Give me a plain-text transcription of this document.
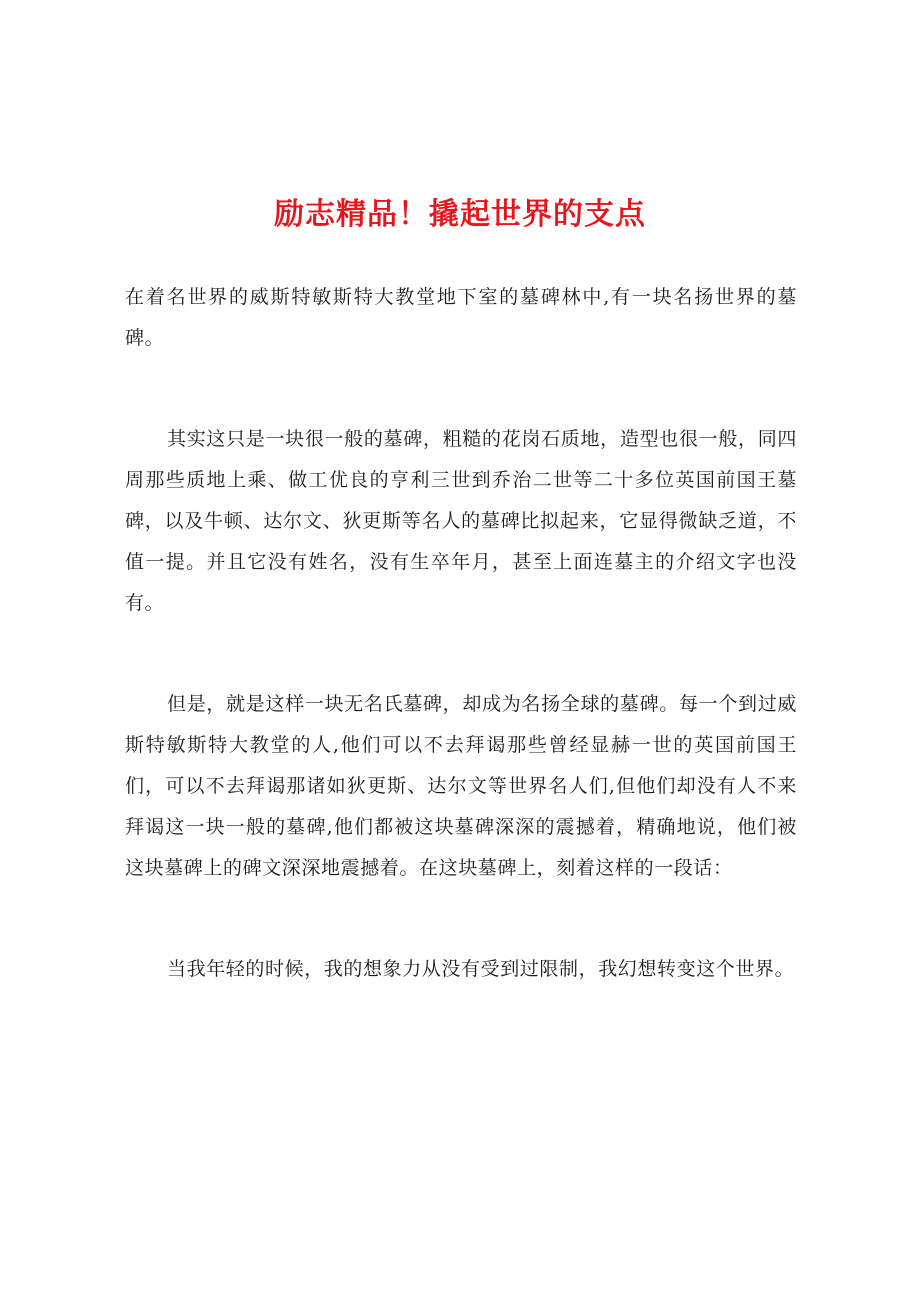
励志精品！撬起世界的支点

在着名世界的威斯特敏斯特大教堂地下室的墓碑林中,有一块名扬世界的墓碑。

其实这只是一块很一般的墓碑，粗糙的花岗石质地，造型也很一般，同四周那些质地上乘、做工优良的亨利三世到乔治二世等二十多位英国前国王墓碑，以及牛顿、达尔文、狄更斯等名人的墓碑比拟起来，它显得微缺乏道，不值一提。并且它没有姓名，没有生卒年月，甚至上面连墓主的介绍文字也没有。

但是，就是这样一块无名氏墓碑，却成为名扬全球的墓碑。每一个到过威斯特敏斯特大教堂的人,他们可以不去拜谒那些曾经显赫一世的英国前国王们，可以不去拜谒那诸如狄更斯、达尔文等世界名人们,但他们却没有人不来拜谒这一块一般的墓碑,他们都被这块墓碑深深的震撼着，精确地说，他们被这块墓碑上的碑文深深地震撼着。在这块墓碑上，刻着这样的一段话：

当我年轻的时候，我的想象力从没有受到过限制，我幻想转变这个世界。
